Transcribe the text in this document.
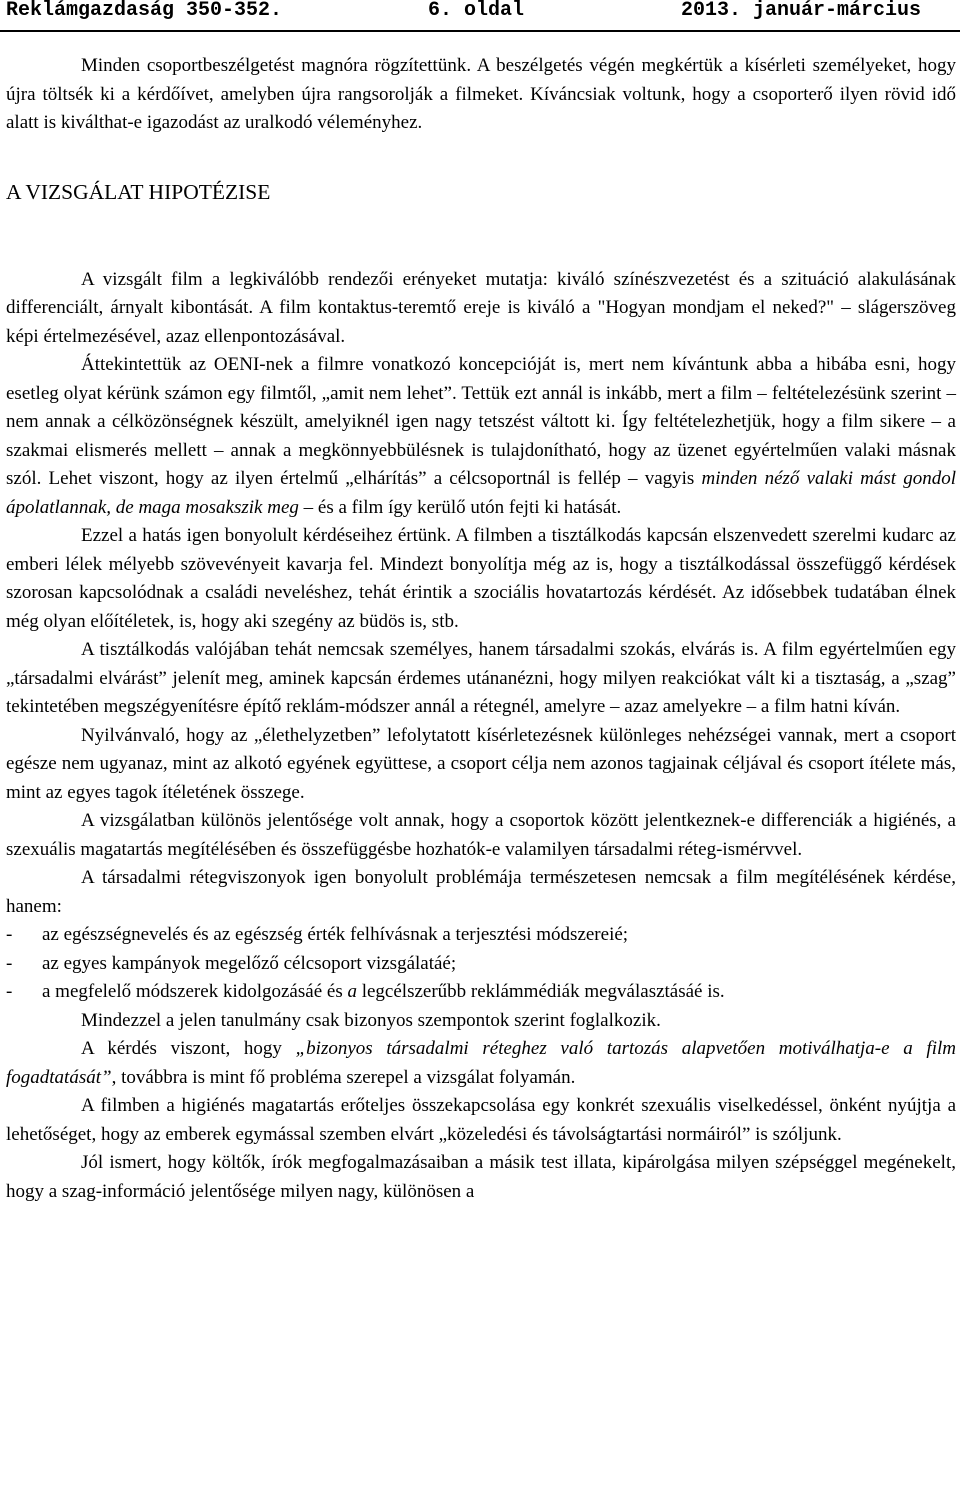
Reklámgazdaság 350-352.	6. oldal	2013. január-március

Minden csoportbeszélgetést magnóra rögzítettünk. A beszélgetés végén megkértük a kísérleti személyeket, hogy újra töltsék ki a kérdőívet, amelyben újra rangsorolják a filmeket. Kíváncsiak voltunk, hogy a csoporterő ilyen rövid idő alatt is kiválthat-e igazodást az uralkodó véleményhez.

A VIZSGÁLAT HIPOTÉZISE

A vizsgált film a legkiválóbb rendezői erényeket mutatja: kiváló színészvezetést és a szituáció alakulásának differenciált, árnyalt kibontását. A film kontaktus-teremtő ereje is kiváló a "Hogyan mondjam el neked?" – slágerszöveg képi értelmezésével, azaz ellenpontozásával.

Áttekintettük az OENI-nek a filmre vonatkozó koncepcióját is, mert nem kívántunk abba a hibába esni, hogy esetleg olyat kérünk számon egy filmtől, „amit nem lehet”. Tettük ezt annál is inkább, mert a film – feltételezésünk szerint – nem annak a célközönségnek készült, amelyiknél igen nagy tetszést váltott ki. Így feltételezhetjük, hogy a film sikere – a szakmai elismerés mellett – annak a megkönnyebbülésnek is tulajdonítható, hogy az üzenet egyértelműen valaki másnak szól. Lehet viszont, hogy az ilyen értelmű „elhárítás” a célcsoportnál is fellép – vagyis minden néző valaki mást gondol ápolatlannak, de maga mosakszik meg – és a film így kerülő utón fejti ki hatását.

Ezzel a hatás igen bonyolult kérdéseihez értünk. A filmben a tisztálkodás kapcsán elszenvedett szerelmi kudarc az emberi lélek mélyebb szövevényeit kavarja fel. Mindezt bonyolítja még az is, hogy a tisztálkodással összefüggő kérdések szorosan kapcsolódnak a családi neveléshez, tehát érintik a szociális hovatartozás kérdését. Az idősebbek tudatában élnek még olyan előítéletek, is, hogy aki szegény az büdös is, stb.

A tisztálkodás valójában tehát nemcsak személyes, hanem társadalmi szokás, elvárás is. A film egyértelműen egy „társadalmi elvárást” jelenít meg, aminek kapcsán érdemes utánanézni, hogy milyen reakciókat vált ki a tisztaság, a „szag” tekintetében megszégyenítésre építő reklám-módszer annál a rétegnél, amelyre – azaz amelyekre – a film hatni kíván.

Nyilvánvaló, hogy az „élethelyzetben” lefolytatott kísérletezésnek különleges nehézségei vannak, mert a csoport egésze nem ugyanaz, mint az alkotó egyének együttese, a csoport célja nem azonos tagjainak céljával és csoport ítélete más, mint az egyes tagok ítéletének összege.

A vizsgálatban különös jelentősége volt annak, hogy a csoportok között jelentkeznek-e differenciák a higiénés, a szexuális magatartás megítélésében és összefüggésbe hozhatók-e valamilyen társadalmi réteg-ismérvvel.

A társadalmi rétegviszonyok igen bonyolult problémája természetesen nemcsak a film megítélésének kérdése, hanem:

- az egészségnevelés és az egészség érték felhívásnak a terjesztési módszereié;

- az egyes kampányok megelőző célcsoport vizsgálatáé;

- a megfelelő módszerek kidolgozásáé és a legcélszerűbb reklámmédiák megválasztásáé is.

Mindezzel a jelen tanulmány csak bizonyos szempontok szerint foglalkozik.

A kérdés viszont, hogy „bizonyos társadalmi réteghez való tartozás alapvetően motiválhatja-e a film fogadtatását”, továbbra is mint fő probléma szerepel a vizsgálat folyamán.

A filmben a higiénés magatartás erőteljes összekapcsolása egy konkrét szexuális viselkedéssel, önként nyújtja a lehetőséget, hogy az emberek egymással szemben elvárt „közeledési és távolságtartási normáiról” is szóljunk.

Jól ismert, hogy költők, írók megfogalmazásaiban a másik test illata, kipárolgása milyen szépséggel megénekelt, hogy a szag-információ jelentősége milyen nagy, különösen a
